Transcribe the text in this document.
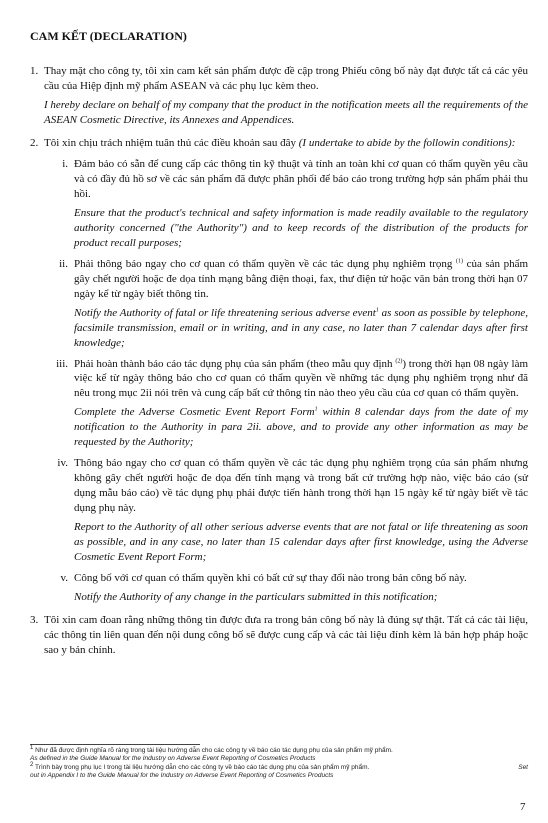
CAM KẾT (DECLARATION)
1. Thay mặt cho công ty, tôi xin cam kết sản phẩm được đề cập trong Phiếu công bố này đạt được tất cả các yêu cầu của Hiệp định mỹ phẩm ASEAN và các phụ lục kèm theo.

I hereby declare on behalf of my company that the product in the notification meets all the requirements of the ASEAN Cosmetic Directive, its Annexes and Appendices.

2. Tôi xin chịu trách nhiệm tuân thủ các điều khoản sau đây (I undertake to abide by the followin conditions):

i. Đảm bảo có sẵn để cung cấp các thông tin kỹ thuật và tính an toàn khi cơ quan có thẩm quyền yêu cầu và có đầy đủ hồ sơ về các sản phẩm đã được phân phối để báo cáo trong trường hợp sản phẩm phải thu hồi.

Ensure that the product's technical and safety information is made readily available to the regulatory authority concerned ("the Authority") and to keep records of the distribution of the products for product recall purposes;

ii. Phải thông báo ngay cho cơ quan có thẩm quyền về các tác dụng phụ nghiêm trọng $^{(1)}$ của sản phẩm gây chết người hoặc đe dọa tính mạng bằng điện thoại, fax, thư điện tử hoặc văn bản trong thời hạn 07 ngày kể từ ngày biết thông tin.

Notify the Authority of fatal or life threatening serious adverse event$^1$ as soon as possible by telephone, facsimile transmission, email or in writing, and in any case, no later than 7 calendar days after first knowledge;

iii. Phải hoàn thành báo cáo tác dụng phụ của sản phẩm (theo mẫu quy định $^{(2)}$) trong thời hạn 08 ngày làm việc kể từ ngày thông báo cho cơ quan có thẩm quyền về những tác dụng phụ nghiêm trọng như đã nêu trong mục 2ii nói trên và cung cấp bất cứ thông tin nào theo yêu cầu của cơ quan có thẩm quyền.

Complete the Adverse Cosmetic Event Report Form$^1$ within 8 calendar days from the date of my notification to the Authority in para 2ii. above, and to provide any other information as may be requested by the Authority;

iv. Thông báo ngay cho cơ quan có thẩm quyền về các tác dụng phụ nghiêm trọng của sản phẩm nhưng không gây chết người hoặc đe dọa đến tính mạng và trong bất cứ trường hợp nào, việc báo cáo (sử dụng mẫu báo cáo) về tác dụng phụ phải được tiến hành trong thời hạn 15 ngày kể từ ngày biết về tác dụng phụ này.

Report to the Authority of all other serious adverse events that are not fatal or life threatening as soon as possible, and in any case, no later than 15 calendar days after first knowledge, using the Adverse Cosmetic Event Report Form;

v. Công bố với cơ quan có thẩm quyền khi có bất cứ sự thay đổi nào trong bản công bố này.

Notify the Authority of any change in the particulars submitted in this notification;

3. Tôi xin cam đoan rằng những thông tin được đưa ra trong bản công bố này là đúng sự thật. Tất cả các tài liệu, các thông tin liên quan đến nội dung công bố sẽ được cung cấp và các tài liệu đính kèm là bản hợp pháp hoặc sao y bản chính.

$^1$ Như đã được định nghĩa rõ ràng trong tài liệu hướng dẫn cho các công ty về báo cáo tác dụng phụ của sản phẩm mỹ phẩm.

As defined in the Guide Manual for the Industry on Adverse Event Reporting of Cosmetics Products

$^2$ Trình bày trong phụ lục I trong tài liệu hướng dẫn cho các công ty về báo cáo tác dụng phụ của sản phẩm mỹ phẩm.	Set

out in Appendix I to the Guide Manual for the Industry on Adverse Event Reporting of Cosmetics Products

7
